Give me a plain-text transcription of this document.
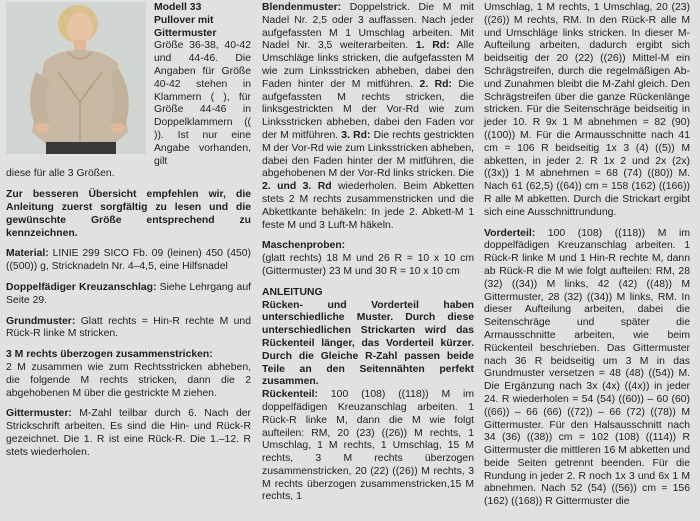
Modell 33
Pullover mit Gittermuster
Größe 36-38, 40-42 und 44-46. Die Angaben für Größe 40-42 stehen in Klammern ( ), für Größe 44-46 in Doppelklammern (( )). Ist nur eine Angabe vorhanden, gilt

diese für alle 3 Größen.

Zur besseren Übersicht empfehlen wir, die Anleitung zuerst sorgfältig zu lesen und die gewünschte Größe entsprechend zu kennzeichnen.

Material: LINIE 299 SICO Fb. 09 (leinen) 450 (450) ((500)) g, Stricknadeln Nr. 4–4,5, eine Hilfsnadel

Doppelfädiger Kreuzanschlag: Siehe Lehrgang auf Seite 29.

Grundmuster: Glatt rechts = Hin-R rechte M und Rück-R linke M stricken.

3 M rechts überzogen zusammenstricken:

2 M zusammen wie zum Rechtsstricken abheben, die folgende M rechts stricken, dann die 2 abgehobenen M über die gestrickte M ziehen.

Gittermuster: M-Zahl teilbar durch 6. Nach der Strickschrift arbeiten. Es sind die Hin- und Rück-R gezeichnet. Die 1. R ist eine Rück-R. Die 1.–12. R stets wiederholen.

Blendenmuster: Doppelstrick. Die M mit Nadel Nr. 2,5 oder 3 auffassen. Nach jeder aufgefassten M 1 Umschlag arbeiten. Mit Nadel Nr. 3,5 weiterarbeiten. 1. Rd: Alle Umschläge links stricken, die aufgefassten M wie zum Linksstricken abheben, dabei den Faden hinter der M mitführen. 2. Rd: Die aufgefassten M rechts stricken, die linksgestrickten M der Vor-Rd wie zum Linksstricken abheben, dabei den Faden vor der M mitführen. 3. Rd: Die rechts gestrickten M der Vor-Rd wie zum Linksstricken abheben, dabei den Faden hinter der M mitführen, die abgehobenen M der Vor-Rd links stricken. Die 2. und 3. Rd wiederholen. Beim Abketten stets 2 M rechts zusammenstricken und die Abkettkante behäkeln: In jede 2. Abkett-M 1 feste M und 3 Luft-M häkeln.

Maschenproben:

(glatt rechts) 18 M und 26 R = 10 x 10 cm (Gittermuster) 23 M und 30 R = 10 x 10 cm

ANLEITUNG

Rücken- und Vorderteil haben unterschiedliche Muster. Durch diese unterschiedlichen Strickarten wird das Rückenteil länger, das Vorderteil kürzer. Durch die Gleiche R-Zahl passen beide Teile an den Seitennähten perfekt zusammen.

Rückenteil: 100 (108) ((118)) M im doppelfädigen Kreuzanschlag arbeiten. 1 Rück-R linke M, dann die M wie folgt aufteilen: RM, 20 (23) ((26)) M rechts, 1 Umschlag, 1 M rechts, 1 Umschlag, 15 M rechts, 3 M rechts überzogen zusammenstricken, 20 (22) ((26)) M rechts, 3 M rechts überzogen zusammenstricken,15 M rechts, 1

Umschlag, 1 M rechts, 1 Umschlag, 20 (23) ((26)) M rechts, RM. In den Rück-R alle M und Umschläge links stricken. In dieser M-Aufteilung arbeiten, dadurch ergibt sich beidseitig der 20 (22) ((26)) Mittel-M ein Schrägstreifen, durch die regelmäßigen Ab- und Zunahmen bleibt die M-Zahl gleich. Den Schrägstreifen über die ganze Rückenlänge stricken. Für die Seitenschräge beidseitig in jeder 10. R 9x 1 M abnehmen = 82 (90) ((100)) M. Für die Armausschnitte nach 41 cm = 106 R beidseitig 1x 3 (4) ((5)) M abketten, in jeder 2. R 1x 2 und 2x (2x) ((3x)) 1 M abnehmen = 68 (74) ((80)) M. Nach 61 (62,5) ((64)) cm = 158 (162) ((166)) R alle M abketten. Durch die Strickart ergibt sich eine Ausschnittrundung.

Vorderteil: 100 (108) ((118)) M im doppelfädigen Kreuzanschlag arbeiten. 1 Rück-R linke M und 1 Hin-R rechte M, dann ab Rück-R die M wie folgt aufteilen: RM, 28 (32) ((34)) M links, 42 (42) ((48)) M Gittermuster, 28 (32) ((34)) M links, RM. In dieser Aufteilung arbeiten, dabei die Seitenschräge und später die Armausschnitte arbeiten, wie beim Rückenteil beschrieben. Das Gittermuster nach 36 R beidseitig um 3 M in das Grundmuster versetzen = 48 (48) ((54)) M. Die Ergänzung nach 3x (4x) ((4x)) in jeder 24. R wiederholen = 54 (54) ((60)) – 60 (60) ((66)) – 66 (66) ((72)) – 66 (72) ((78)) M Gittermuster. Für den Halsausschnitt nach 34 (36) ((38)) cm = 102 (108) ((114)) R Gittermuster die mittleren 16 M abketten und beide Seiten getrennt beenden. Für die Rundung in jeder 2. R noch 1x 3 und 6x 1 M abnehmen. Nach 52 (54) ((56)) cm = 156 (162) ((168)) R Gittermuster die
